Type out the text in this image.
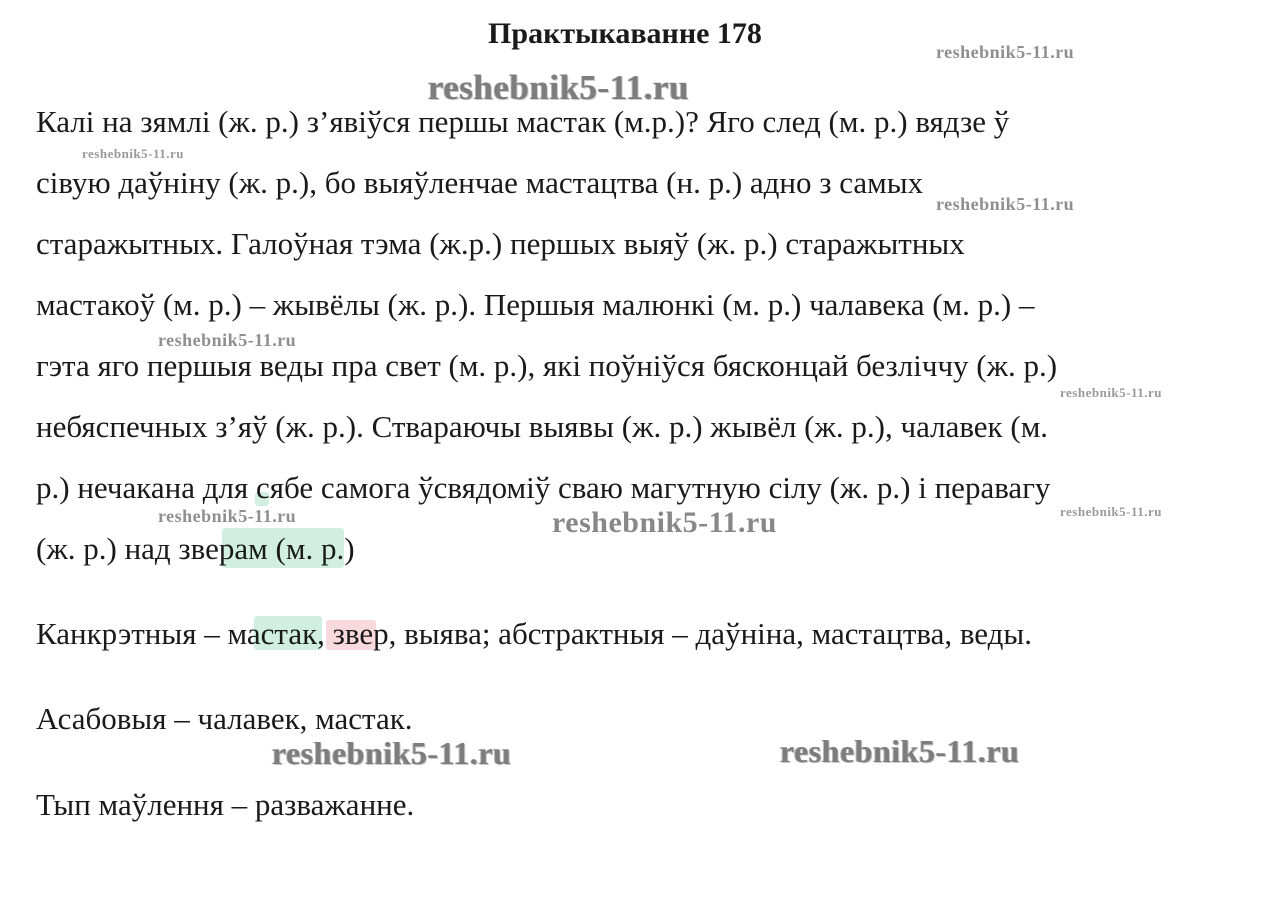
Практыкаванне 178
Калі на зямлі (ж. р.) з’явіўся першы мастак (м.р.)? Яго след (м. р.) вядзе ў
сівую даўніну (ж. р.), бо выяўленчае мастацтва (н. р.) адно з самых
старажытных. Галоўная тэма (ж.р.) першых выяў (ж. р.) старажытных
мастакоў (м. р.) – жывёлы (ж. р.). Першыя малюнкі (м. р.) чалавека (м. р.) –
гэта яго першыя веды пра свет (м. р.), які поўніўся бясконцай безліччу (ж. р.)
небяспечных з’яў (ж. р.). Ствараючы выявы (ж. р.) жывёл (ж. р.), чалавек (м.
р.) нечакана для сябе самога ўсвядоміў сваю магутную сілу (ж. р.) і перавагу
(ж. р.) над зверам (м. р.)
Канкрэтныя – мастак, звер, выява; абстрактныя – даўніна, мастацтва, веды.
Асабовыя – чалавек, мастак.
Тып маўлення – разважанне.
reshebnik5-11.ru
reshebnik5-11.ru
reshebnik5-11.ru
reshebnik5-11.ru
reshebnik5-11.ru
reshebnik5-11.ru
reshebnik5-11.ru	reshebnik5-11.ru
reshebnik5-11.ru
reshebnik5-11.ru	reshebnik5-11.ru
